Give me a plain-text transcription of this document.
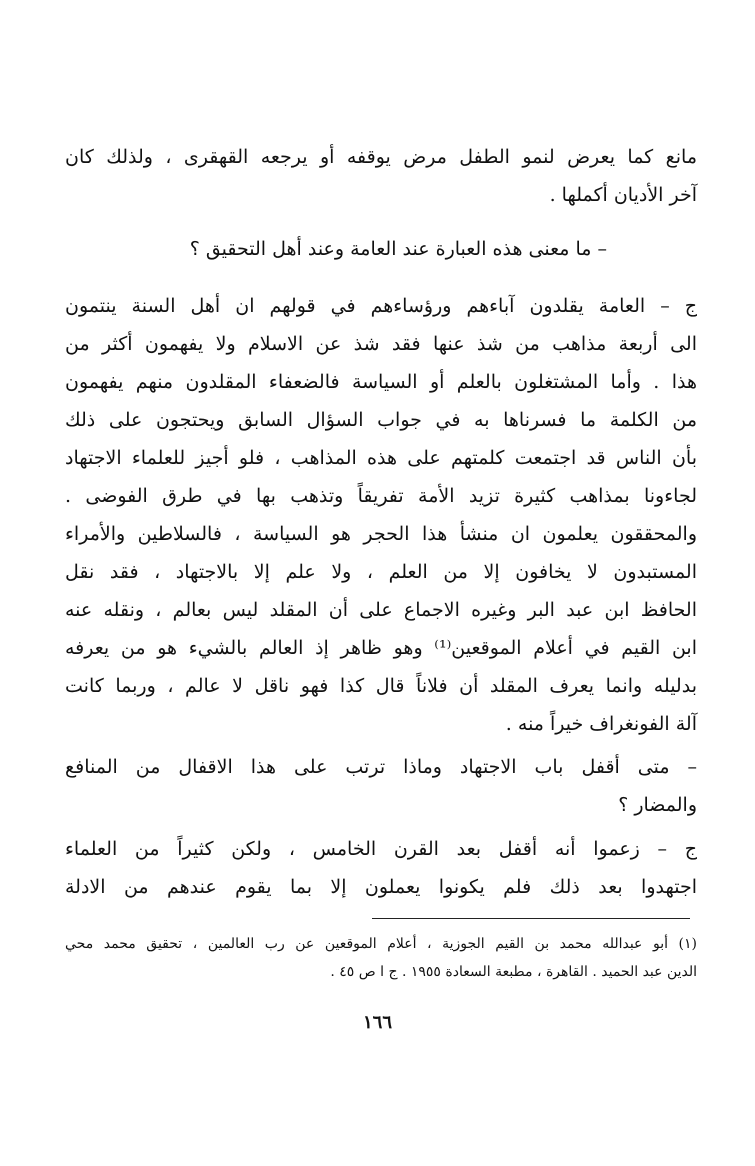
مانع كما يعرض لنمو الطفل مرض يوقفه أو يرجعه القهقرى ، ولذلك كان
آخر الأديان أكملها .
– ما معنى هذه العبارة عند العامة وعند أهل التحقيق ؟
ج – العامة يقلدون آباءهم ورؤساءهم في قولهم ان أهل السنة ينتمون
الى أربعة مذاهب من شذ عنها فقد شذ عن الاسلام ولا يفهمون أكثر من
هذا . وأما المشتغلون بالعلم أو السياسة فالضعفاء المقلدون منهم يفهمون
من الكلمة ما فسرناها به في جواب السؤال السابق ويحتجون على ذلك
بأن الناس قد اجتمعت كلمتهم على هذه المذاهب ، فلو أجيز للعلماء الاجتهاد
لجاءونا بمذاهب كثيرة تزيد الأمة تفريقاً وتذهب بها في طرق الفوضى .
والمحققون يعلمون ان منشأ هذا الحجر هو السياسة ، فالسلاطين والأمراء
المستبدون لا يخافون إلا من العلم ، ولا علم إلا بالاجتهاد ، فقد نقل
الحافظ ابن عبد البر وغيره الاجماع على أن المقلد ليس بعالم ، ونقله عنه
ابن القيم في أعلام الموقعين⁽¹⁾ وهو ظاهر إذ العالم بالشيء هو من يعرفه
بدليله وانما يعرف المقلد أن فلاناً قال كذا فهو ناقل لا عالم ، وربما كانت
آلة الفونغراف خيراً منه .
– متى أقفل باب الاجتهاد وماذا ترتب على هذا الاقفال من المنافع
والمضار ؟
ج – زعموا أنه أقفل بعد القرن الخامس ، ولكن كثيراً من العلماء
اجتهدوا بعد ذلك فلم يكونوا يعملون إلا بما يقوم عندهم من الادلة
(١) أبو عبدالله محمد بن القيم الجوزية ، أعلام الموقعين عن رب العالمين ، تحقيق محمد محي
الدين عبد الحميد . القاهرة ، مطبعة السعادة ١٩٥٥ . ج ا ص ٤٥ .
١٦٦
